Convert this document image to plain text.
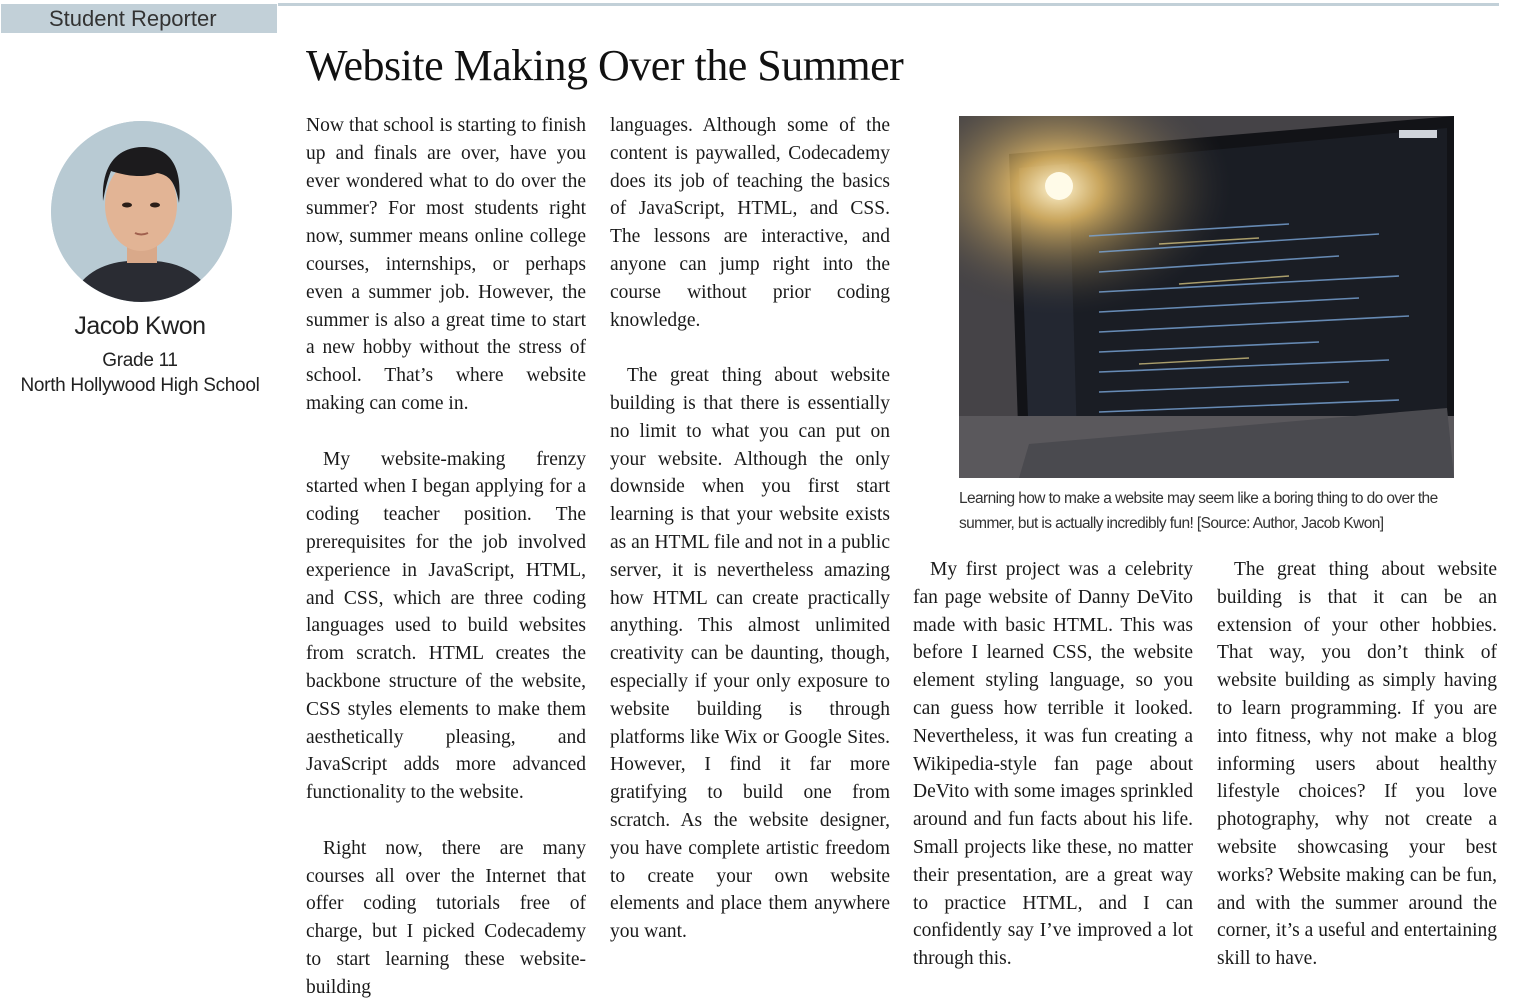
Student Reporter
Website Making Over the Summer
Jacob Kwon
Grade 11
North Hollywood High School

Now that school is starting to finish up and finals are over, have you ever wondered what to do over the summer? For most students right now, summer means online college courses, internships, or perhaps even a summer job. However, the summer is also a great time to start a new hobby without the stress of school. That’s where website making can come in.

My website-making frenzy started when I began applying for a coding teacher position. The prerequisites for the job involved experience in JavaScript, HTML, and CSS, which are three coding languages used to build websites from scratch. HTML creates the backbone structure of the website, CSS styles elements to make them aesthetically pleasing, and JavaScript adds more advanced functionality to the website.

Right now, there are many courses all over the Internet that offer coding tutorials free of charge, but I picked Codecademy to start learning these website-building

languages. Although some of the content is paywalled, Codecademy does its job of teaching the basics of JavaScript, HTML, and CSS. The lessons are interactive, and anyone can jump right into the course without prior coding knowledge.

The great thing about website building is that there is essentially no limit to what you can put on your website. Although the only downside when you first start learning is that your website exists as an HTML file and not in a public server, it is nevertheless amazing how HTML can create practically anything. This almost unlimited creativity can be daunting, though, especially if your only exposure to website building is through platforms like Wix or Google Sites. However, I find it far more gratifying to build one from scratch. As the website designer, you have complete artistic freedom to create your own website elements and place them anywhere you want.

Learning how to make a website may seem like a boring thing to do over the summer, but is actually incredibly fun! [Source: Author, Jacob Kwon]

My first project was a celebrity fan page website of Danny DeVito made with basic HTML. This was before I learned CSS, the website element styling language, so you can guess how terrible it looked. Nevertheless, it was fun creating a Wikipedia-style fan page about DeVito with some images sprinkled around and fun facts about his life. Small projects like these, no matter their presentation, are a great way to practice HTML, and I can confidently say I’ve improved a lot through this.

The great thing about website building is that it can be an extension of your other hobbies. That way, you don’t think of website building as simply having to learn programming. If you are into fitness, why not make a blog informing users about healthy lifestyle choices? If you love photography, why not create a website showcasing your best works? Website making can be fun, and with the summer around the corner, it’s a useful and entertaining skill to have.
